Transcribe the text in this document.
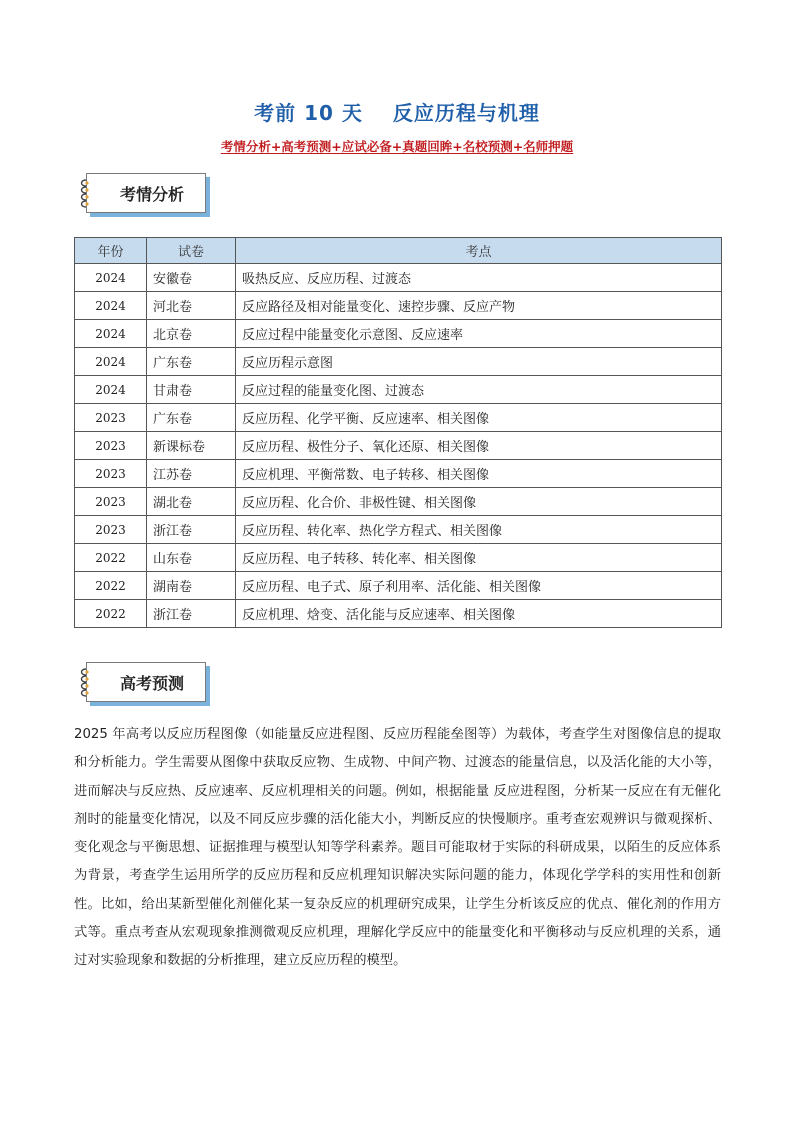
考前 10 天 反应历程与机理
考情分析+高考预测+应试必备+真题回眸+名校预测+名师押题
考情分析
年份	试卷	考点
2024	安徽卷	吸热反应、反应历程、过渡态
2024	河北卷	反应路径及相对能量变化、速控步骤、反应产物
2024	北京卷	反应过程中能量变化示意图、反应速率
2024	广东卷	反应历程示意图
2024	甘肃卷	反应过程的能量变化图、过渡态
2023	广东卷	反应历程、化学平衡、反应速率、相关图像
2023	新课标卷	反应历程、极性分子、氧化还原、相关图像
2023	江苏卷	反应机理、平衡常数、电子转移、相关图像
2023	湖北卷	反应历程、化合价、非极性键、相关图像
2023	浙江卷	反应历程、转化率、热化学方程式、相关图像
2022	山东卷	反应历程、电子转移、转化率、相关图像
2022	湖南卷	反应历程、电子式、原子利用率、活化能、相关图像
2022	浙江卷	反应机理、焓变、活化能与反应速率、相关图像
高考预测
2025 年高考以反应历程图像（如能量反应进程图、反应历程能垒图等）为载体，考查学生对图像信息的提取和分析能力。学生需要从图像中获取反应物、生成物、中间产物、过渡态的能量信息，以及活化能的大小等，进而解决与反应热、反应速率、反应机理相关的问题。例如，根据能量 反应进程图，分析某一反应在有无催化剂时的能量变化情况，以及不同反应步骤的活化能大小，判断反应的快慢顺序。重考查宏观辨识与微观探析、变化观念与平衡思想、证据推理与模型认知等学科素养。题目可能取材于实际的科研成果，以陌生的反应体系为背景，考查学生运用所学的反应历程和反应机理知识解决实际问题的能力，体现化学学科的实用性和创新性。比如，给出某新型催化剂催化某一复杂反应的机理研究成果，让学生分析该反应的优点、催化剂的作用方式等。重点考查从宏观现象推测微观反应机理，理解化学反应中的能量变化和平衡移动与反应机理的关系，通过对实验现象和数据的分析推理，建立反应历程的模型。
